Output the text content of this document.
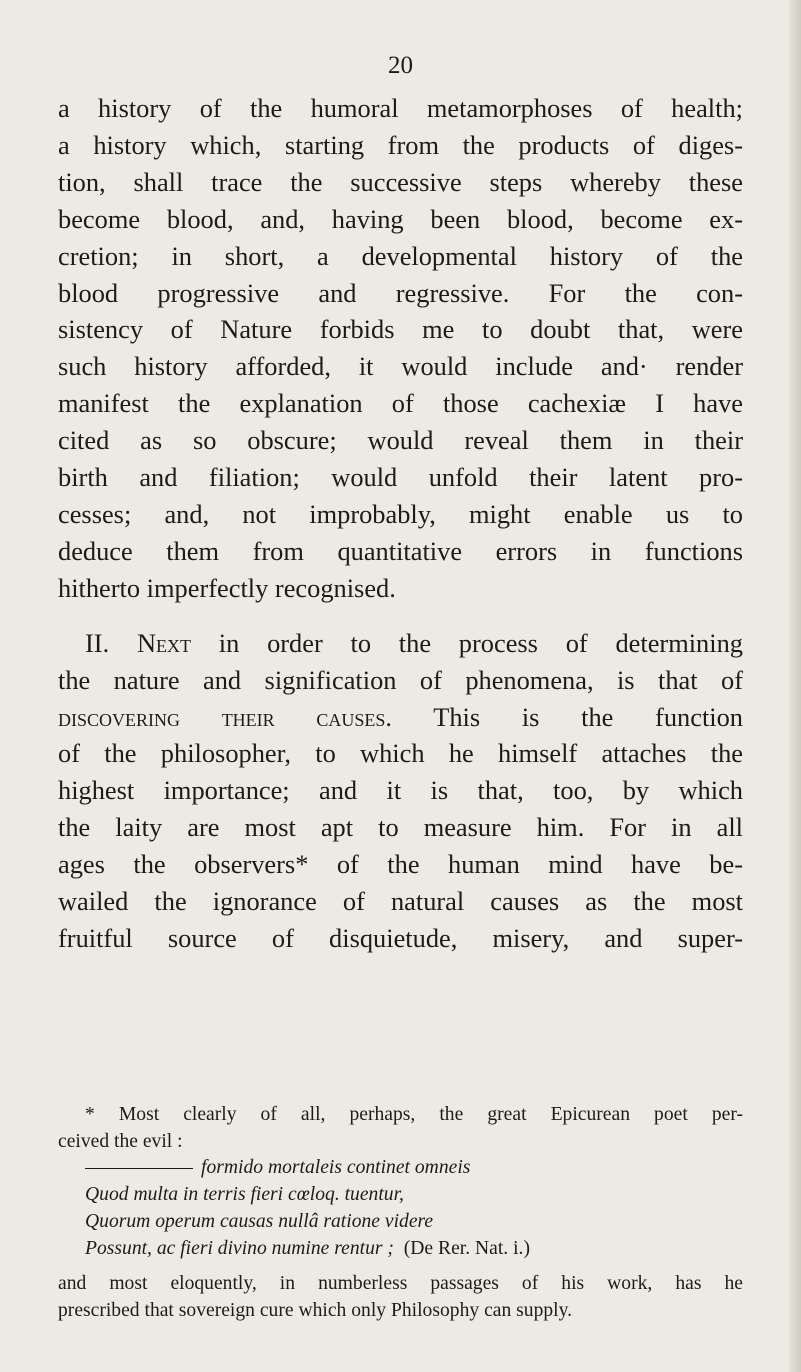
20
a history of the humoral metamorphoses of health;
a history which, starting from the products of diges-
tion, shall trace the successive steps whereby these
become blood, and, having been blood, become ex-
cretion; in short, a developmental history of the
blood progressive and regressive. For the con-
sistency of Nature forbids me to doubt that, were
such history afforded, it would include and· render
manifest the explanation of those cachexiæ I have
cited as so obscure; would reveal them in their
birth and filiation; would unfold their latent pro-
cesses; and, not improbably, might enable us to
deduce them from quantitative errors in functions
hitherto imperfectly recognised.
II. Next in order to the process of determining
the nature and signification of phenomena, is that of
discovering their causes. This is the function
of the philosopher, to which he himself attaches the
highest importance; and it is that, too, by which
the laity are most apt to measure him. For in all
ages the observers* of the human mind have be-
wailed the ignorance of natural causes as the most
fruitful source of disquietude, misery, and super-
* Most clearly of all, perhaps, the great Epicurean poet per-
ceived the evil :
formido mortaleis continet omneis
Quod multa in terris fieri cœloq. tuentur,
Quorum operum causas nullâ ratione videre
Possunt, ac fieri divino numine rentur ; (De Rer. Nat. i.)
and most eloquently, in numberless passages of his work, has he
prescribed that sovereign cure which only Philosophy can supply.
